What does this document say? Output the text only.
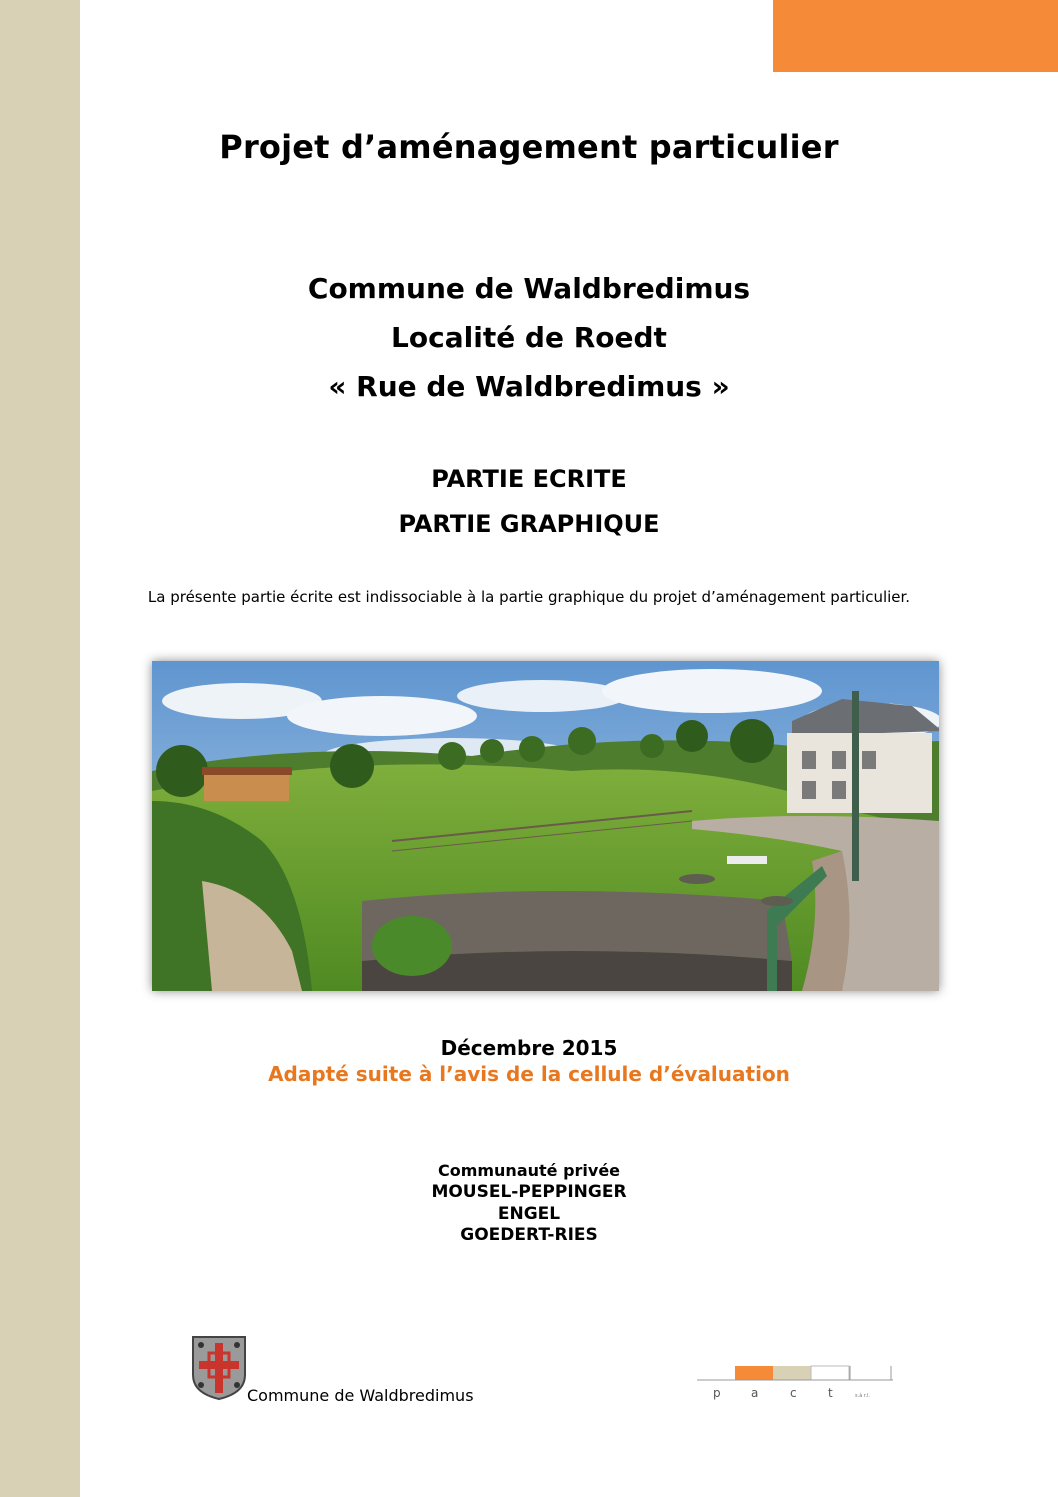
Projet d’aménagement particulier
Commune de Waldbredimus
Localité de Roedt
« Rue de Waldbredimus »
PARTIE ECRITE
PARTIE GRAPHIQUE
La présente partie écrite est indissociable à la partie graphique du projet d’aménagement particulier.
Décembre 2015
Adapté suite à l’avis de la cellule d’évaluation
Communauté privée
MOUSEL-PEPPINGER
ENGEL
GOEDERT-RIES
Commune de Waldbredimus	p	a	c	t	s.à r.l.
